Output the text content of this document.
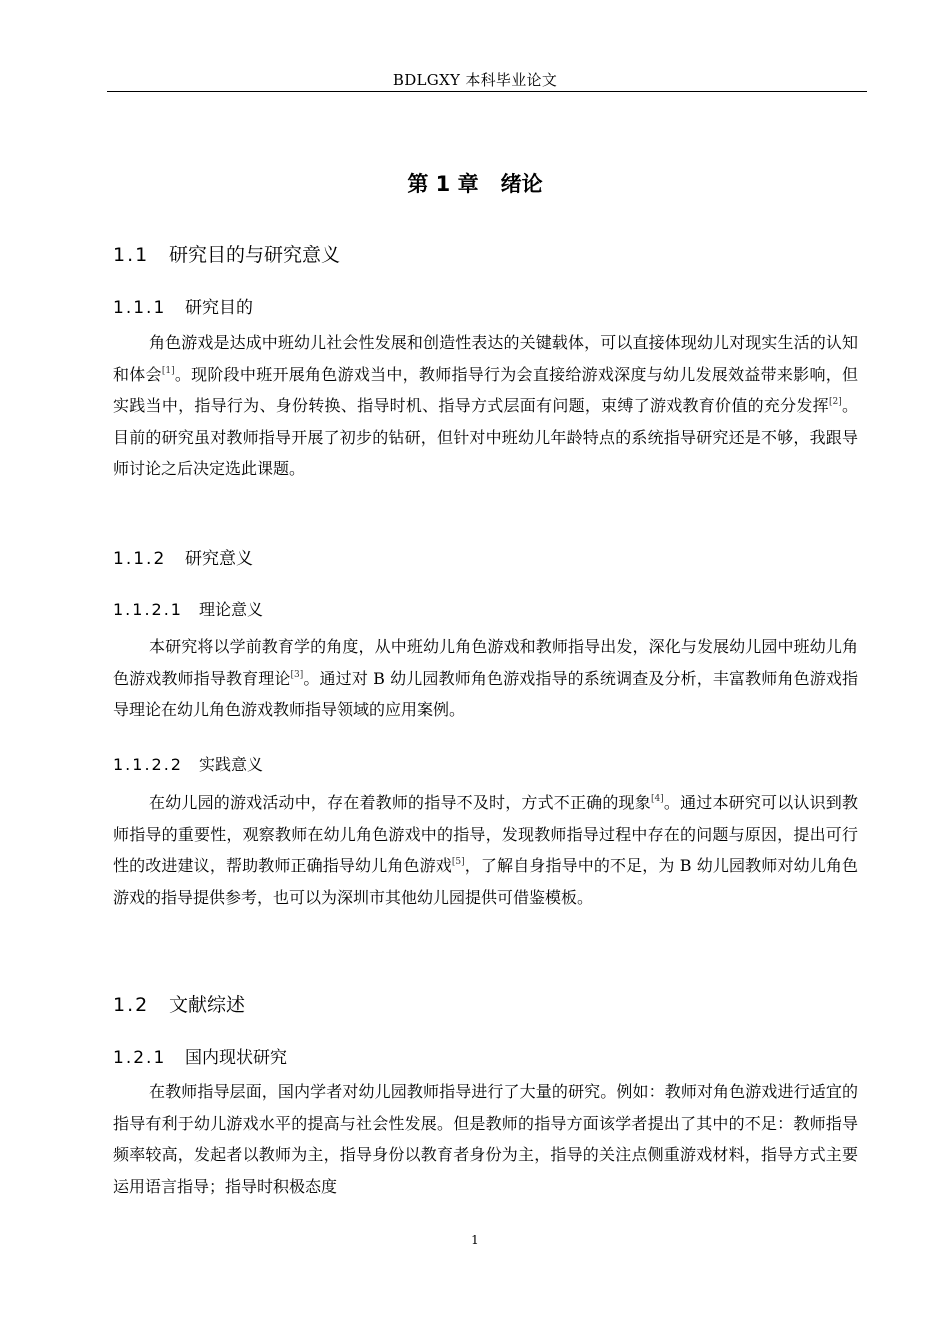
BDLGXY 本科毕业论文
第 1 章 绪论
1.1 研究目的与研究意义
1.1.1 研究目的

角色游戏是达成中班幼儿社会性发展和创造性表达的关键载体，可以直接体现幼儿对现实生活的认知和体会[1]。现阶段中班开展角色游戏当中，教师指导行为会直接给游戏深度与幼儿发展效益带来影响，但实践当中，指导行为、身份转换、指导时机、指导方式层面有问题，束缚了游戏教育价值的充分发挥[2]。目前的研究虽对教师指导开展了初步的钻研，但针对中班幼儿年龄特点的系统指导研究还是不够，我跟导师讨论之后决定选此课题。

1.1.2 研究意义
1.1.2.1 理论意义

本研究将以学前教育学的角度，从中班幼儿角色游戏和教师指导出发，深化与发展幼儿园中班幼儿角色游戏教师指导教育理论[3]。通过对 B 幼儿园教师角色游戏指导的系统调查及分析，丰富教师角色游戏指导理论在幼儿角色游戏教师指导领域的应用案例。

1.1.2.2 实践意义

在幼儿园的游戏活动中，存在着教师的指导不及时，方式不正确的现象[4]。通过本研究可以认识到教师指导的重要性，观察教师在幼儿角色游戏中的指导，发现教师指导过程中存在的问题与原因，提出可行性的改进建议，帮助教师正确指导幼儿角色游戏[5]，了解自身指导中的不足，为 B 幼儿园教师对幼儿角色游戏的指导提供参考，也可以为深圳市其他幼儿园提供可借鉴模板。

1.2 文献综述
1.2.1 国内现状研究

在教师指导层面，国内学者对幼儿园教师指导进行了大量的研究。例如：教师对角色游戏进行适宜的指导有利于幼儿游戏水平的提高与社会性发展。但是教师的指导方面该学者提出了其中的不足：教师指导频率较高，发起者以教师为主，指导身份以教育者身份为主，指导的关注点侧重游戏材料，指导方式主要运用语言指导；指导时积极态度

1
